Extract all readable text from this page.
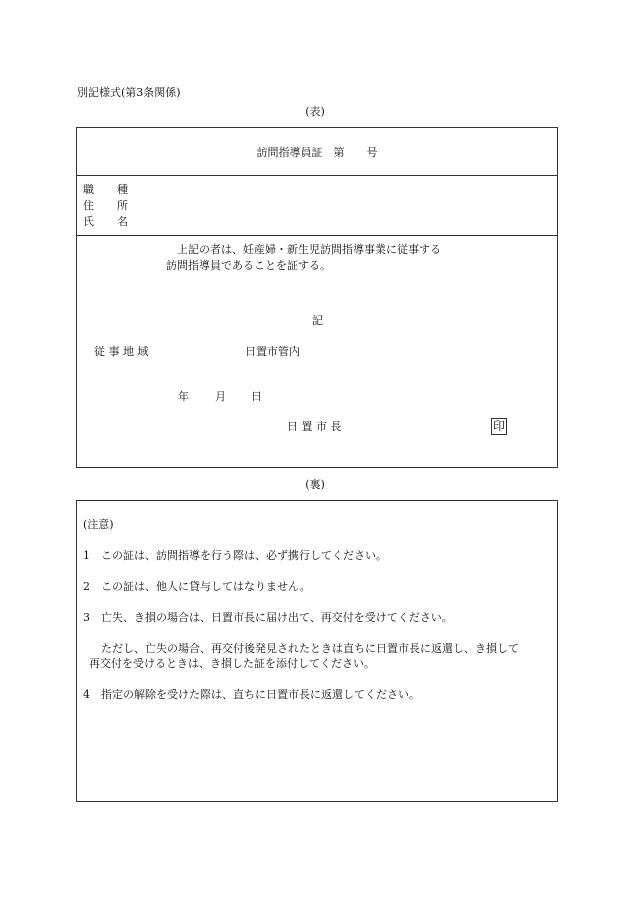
別記様式(第3条関係)
(表)
訪問指導員証　第　　号
職 種
住 所
氏 名
上記の者は、妊産婦・新生児訪問指導事業に従事する
訪問指導員であることを証する。
記
従 事 地 域	日置市管内
年 月 日
日 置 市 長	印
(裏)
(注意)
1　この証は、訪問指導を行う際は、必ず携行してください。
2　この証は、他人に貸与してはなりません。
3　亡失、き損の場合は、日置市長に届け出て、再交付を受けてください。
ただし、亡失の場合、再交付後発見されたときは直ちに日置市長に返還し、き損して
再交付を受けるときは、き損した証を添付してください。
4　指定の解除を受けた際は、直ちに日置市長に返還してください。
